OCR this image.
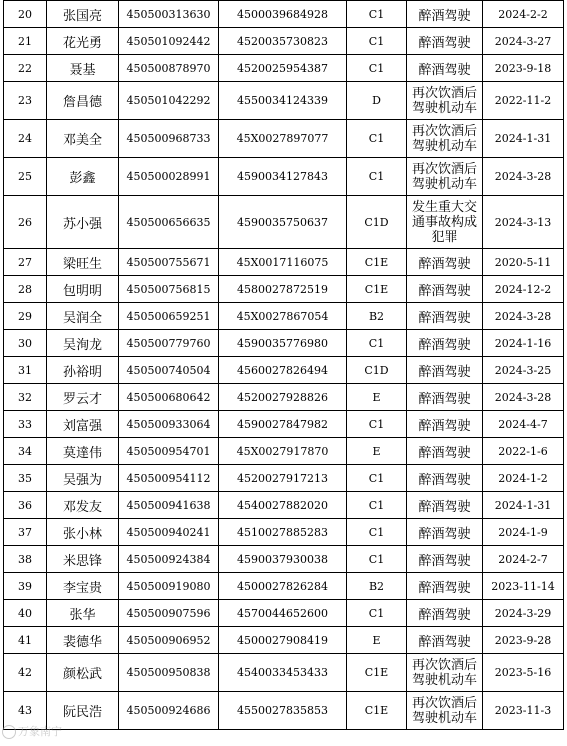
20	张国亮	450500313630	4500039684928	C1	醉酒驾驶	2024-2-2
21	花光勇	450501092442	4520035730823	C1	醉酒驾驶	2024-3-27
22	聂基	450500878970	4520025954387	C1	醉酒驾驶	2023-9-18
23	詹昌德	450501042292	4550034124339	D	再次饮酒后驾驶机动车	2022-11-2
24	邓美全	450500968733	45X0027897077	C1	再次饮酒后驾驶机动车	2024-1-31
25	彭鑫	450500028991	4590034127843	C1	再次饮酒后驾驶机动车	2024-3-28
26	苏小强	450500656635	4590035750637	C1D	发生重大交通事故构成犯罪	2024-3-13
27	梁旺生	450500755671	45X0017116075	C1E	醉酒驾驶	2020-5-11
28	包明明	450500756815	4580027872519	C1E	醉酒驾驶	2024-12-2
29	吴润全	450500659251	45X0027867054	B2	醉酒驾驶	2024-3-28
30	吴洵龙	450500779760	4590035776980	C1	醉酒驾驶	2024-1-16
31	孙裕明	450500740504	4560027826494	C1D	醉酒驾驶	2024-3-25
32	罗云才	450500680642	4520027928826	E	醉酒驾驶	2024-3-28
33	刘富强	450500933064	4590027847982	C1	醉酒驾驶	2024-4-7
34	莫達伟	450500954701	45X0027917870	E	醉酒驾驶	2022-1-6
35	吴强为	450500954112	4520027917213	C1	醉酒驾驶	2024-1-2
36	邓发友	450500941638	4540027882020	C1	醉酒驾驶	2024-1-31
37	张小林	450500940241	4510027885283	C1	醉酒驾驶	2024-1-9
38	米思锋	450500924384	4590037930038	C1	醉酒驾驶	2024-2-7
39	李宝贵	450500919080	4500027826284	B2	醉酒驾驶	2023-11-14
40	张华	450500907596	4570044652600	C1	醉酒驾驶	2024-3-29
41	裴德华	450500906952	4500027908419	E	醉酒驾驶	2023-9-28
42	颜松武	450500950838	4540033453433	C1E	再次饮酒后驾驶机动车	2023-5-16
43	阮民浩	450500924686	4550027835853	C1E	再次饮酒后驾驶机动车	2023-11-3
万象南宁
